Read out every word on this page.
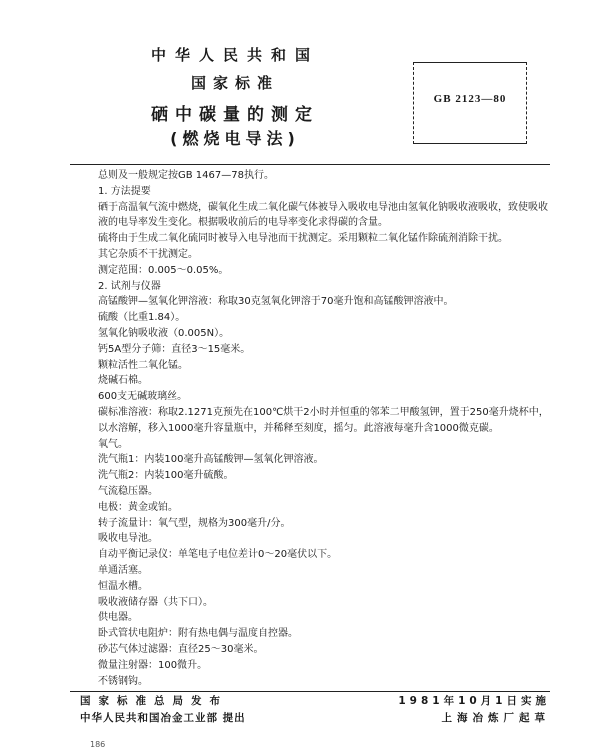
中华人民共和国
国家标准
硒中碳量的测定
(燃烧电导法)
GB 2123—80

总则及一般规定按GB 1467—78执行。

1. 方法提要

硒于高温氧气流中燃烧，碳氧化生成二氧化碳气体被导入吸收电导池由氢氧化钠吸收液吸收，致使吸收液的电导率发生变化。根据吸收前后的电导率变化求得碳的含量。

硫将由于生成二氧化硫同时被导入电导池而干扰测定。采用颗粒二氧化锰作除硫剂消除干扰。

其它杂质不干扰测定。

测定范围：0.005～0.05%。

2. 试剂与仪器

高锰酸钾—氢氧化钾溶液：称取30克氢氧化钾溶于70毫升饱和高锰酸钾溶液中。

硫酸（比重1.84）。

氢氧化钠吸收液（0.005N）。

钙5A型分子筛：直径3～15毫米。

颗粒活性二氧化锰。

烧碱石棉。

600支无碱玻璃丝。

碳标准溶液：称取2.1271克预先在100℃烘干2小时并恒重的邻苯二甲酸氢钾，置于250毫升烧杯中，以水溶解，移入1000毫升容量瓶中，并稀释至刻度，摇匀。此溶液每毫升含1000微克碳。

氧气。

洗气瓶1：内装100毫升高锰酸钾—氢氧化钾溶液。

洗气瓶2：内装100毫升硫酸。

气流稳压器。

电极：黄金或铂。

转子流量计：氧气型，规格为300毫升/分。

吸收电导池。

自动平衡记录仪：单笔电子电位差计0～20毫伏以下。

单通活塞。

恒温水槽。

吸收液储存器（共下口）。

供电器。

卧式管状电阻炉：附有热电偶与温度自控器。

砂芯气体过滤器：直径25～30毫米。

微量注射器：100微升。

不锈钢钩。

国家标准总局发布	1981年10月1日实施
中华人民共和国冶金工业部 提出	上海冶炼厂起草
186
